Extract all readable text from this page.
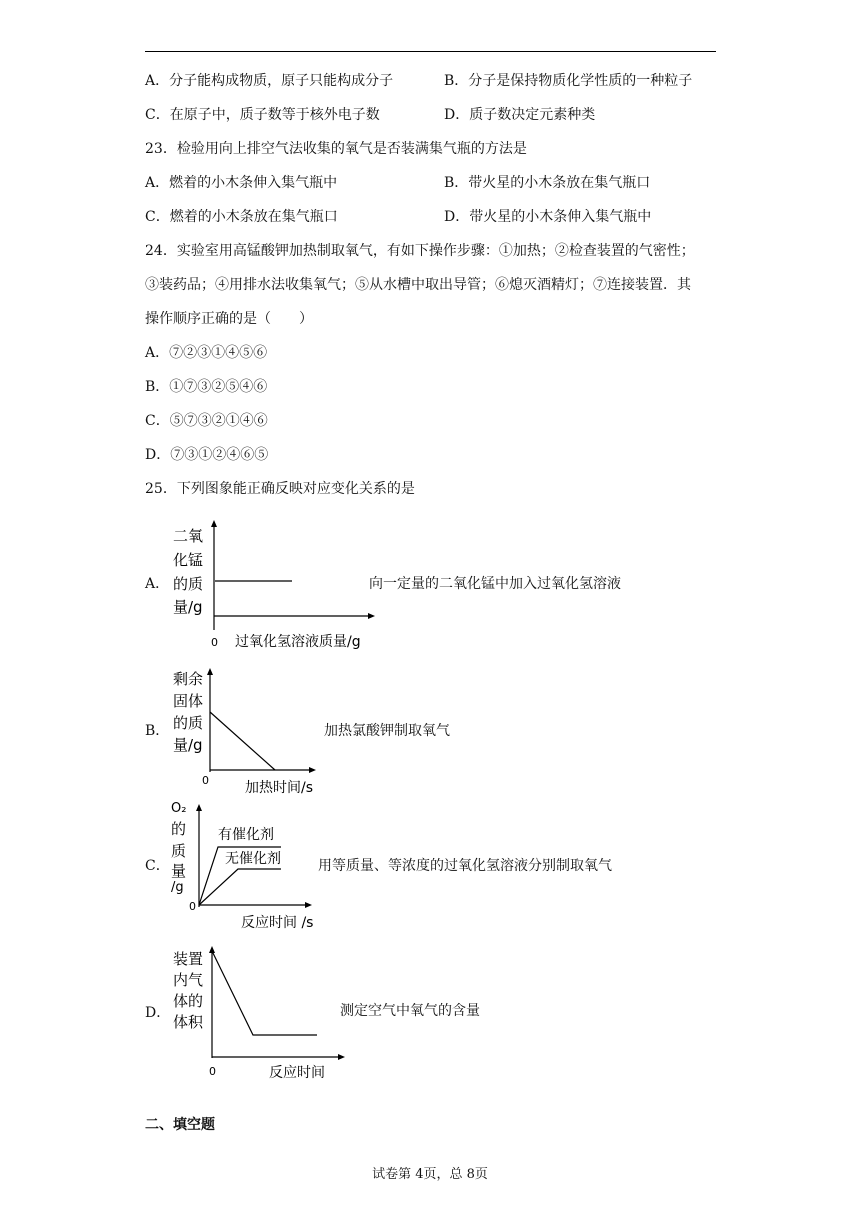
A．分子能构成物质，原子只能构成分子	B．分子是保持物质化学性质的一种粒子
C．在原子中，质子数等于核外电子数	D．质子数决定元素种类
23．检验用向上排空气法收集的氧气是否装满集气瓶的方法是
A．燃着的小木条伸入集气瓶中	B．带火星的小木条放在集气瓶口
C．燃着的小木条放在集气瓶口	D．带火星的小木条伸入集气瓶中
24．实验室用高锰酸钾加热制取氧气，有如下操作步骤：①加热；②检查装置的气密性；
③装药品；④用排水法收集氧气；⑤从水槽中取出导管；⑥熄灭酒精灯；⑦连接装置．其
操作顺序正确的是（　　）
A．⑦②③①④⑤⑥
B．①⑦③②⑤④⑥
C．⑤⑦③②①④⑥
D．⑦③①②④⑥⑤
25．下列图象能正确反映对应变化关系的是
A．
二氧
化锰
的质
量/g
0 过氧化氢溶液质量/g
向一定量的二氧化锰中加入过氧化氢溶液
B．
剩余
固体
的质
量/g
0	加热时间/s
加热氯酸钾制取氧气
C．
有催化剂
无催化剂
O₂
的
质
量
/g
0
反应时间 /s
用等质量、等浓度的过氧化氢溶液分别制取氧气
D．
装置
内气
体的
体积
0	反应时间
测定空气中氧气的含量
二、填空题
试卷第 4页，总 8页
